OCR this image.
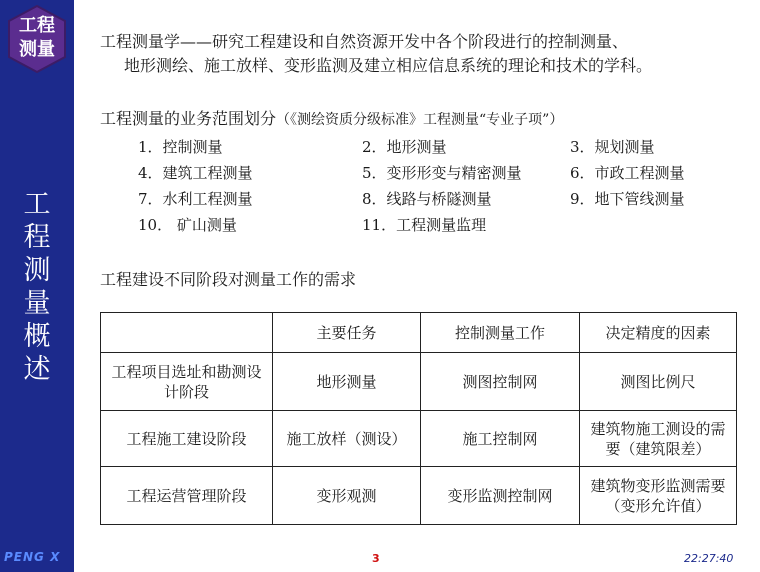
工程
测量
工
程
测
量
概
述
PENG X
工程测量学——研究工程建设和自然资源开发中各个阶段进行的控制测量、
地形测绘、施工放样、变形监测及建立相应信息系统的理论和技术的学科。
工程测量的业务范围划分（《测绘资质分级标准》工程测量“专业子项”）
1．控制测量	2．地形测量	3．规划测量
4．建筑工程测量	5．变形形变与精密测量	6．市政工程测量
7．水利工程测量	8．线路与桥隧测量	9．地下管线测量
10． 矿山测量	11．工程测量监理
工程建设不同阶段对测量工作的需求
	主要任务	控制测量工作	决定精度的因素
工程项目选址和勘测设计阶段	地形测量	测图控制网	测图比例尺
工程施工建设阶段	施工放样（测设）	施工控制网	建筑物施工测设的需要（建筑限差）
工程运营管理阶段	变形观测	变形监测控制网	建筑物变形监测需要（变形允许值）
3	22:27:40
